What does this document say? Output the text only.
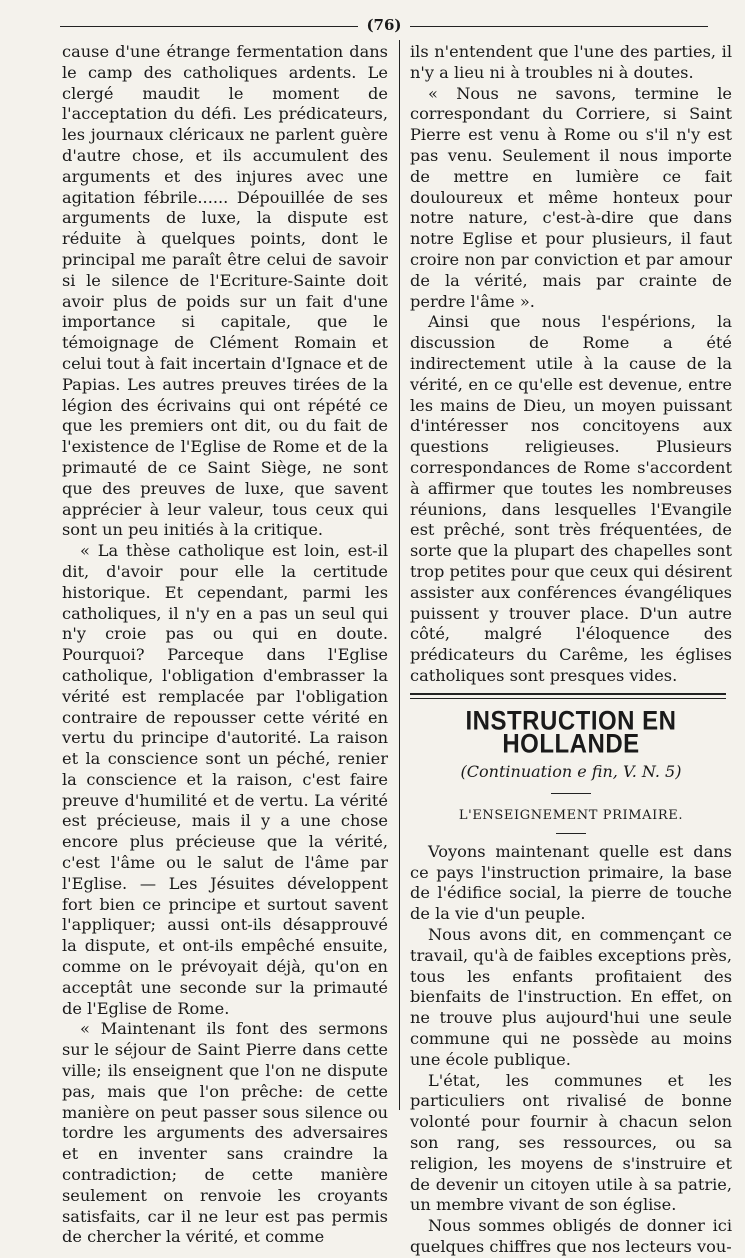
(76)

cause d'une étrange fermentation dans le camp des catholiques ardents. Le clergé maudit le moment de l'acceptation du défi. Les prédicateurs, les journaux cléricaux ne parlent guère d'autre chose, et ils accumulent des arguments et des injures avec une agitation fébrile...... Dépouillée de ses arguments de luxe, la dispute est réduite à quelques points, dont le principal me paraît être celui de savoir si le silence de l'Ecriture-Sainte doit avoir plus de poids sur un fait d'une importance si capitale, que le témoignage de Clément Romain et celui tout à fait incertain d'Ignace et de Papias. Les autres preuves tirées de la légion des écrivains qui ont répété ce que les premiers ont dit, ou du fait de l'existence de l'Eglise de Rome et de la primauté de ce Saint Siège, ne sont que des preuves de luxe, que savent apprécier à leur valeur, tous ceux qui sont un peu initiés à la critique.

« La thèse catholique est loin, est-il dit, d'avoir pour elle la certitude historique. Et cependant, parmi les catholiques, il n'y en a pas un seul qui n'y croie pas ou qui en doute. Pourquoi? Parceque dans l'Eglise catholique, l'obligation d'embrasser la vérité est remplacée par l'obligation contraire de repousser cette vérité en vertu du principe d'autorité. La raison et la conscience sont un péché, renier la conscience et la raison, c'est faire preuve d'humilité et de vertu. La vérité est précieuse, mais il y a une chose encore plus précieuse que la vérité, c'est l'âme ou le salut de l'âme par l'Eglise. — Les Jésuites développent fort bien ce principe et surtout savent l'appliquer; aussi ont-ils désapprouvé la dispute, et ont-ils empêché ensuite, comme on le prévoyait déjà, qu'on en acceptât une seconde sur la primauté de l'Eglise de Rome.

« Maintenant ils font des sermons sur le séjour de Saint Pierre dans cette ville; ils enseignent que l'on ne dispute pas, mais que l'on prêche: de cette manière on peut passer sous silence ou tordre les arguments des adversaires et en inventer sans craindre la contradiction; de cette manière seulement on renvoie les croyants satisfaits, car il ne leur est pas permis de chercher la vérité, et comme

ils n'entendent que l'une des parties, il n'y a lieu ni à troubles ni à doutes.

« Nous ne savons, termine le correspondant du Corriere, si Saint Pierre est venu à Rome ou s'il n'y est pas venu. Seulement il nous importe de mettre en lumière ce fait douloureux et même honteux pour notre nature, c'est-à-dire que dans notre Eglise et pour plusieurs, il faut croire non par conviction et par amour de la vérité, mais par crainte de perdre l'âme ».

Ainsi que nous l'espérions, la discussion de Rome a été indirectement utile à la cause de la vérité, en ce qu'elle est devenue, entre les mains de Dieu, un moyen puissant d'intéresser nos concitoyens aux questions religieuses. Plusieurs correspondances de Rome s'accordent à affirmer que toutes les nombreuses réunions, dans lesquelles l'Evangile est prêché, sont très fréquentées, de sorte que la plupart des chapelles sont trop petites pour que ceux qui désirent assister aux conférences évangéliques puissent y trouver place. D'un autre côté, malgré l'éloquence des prédicateurs du Carême, les églises catholiques sont presques vides.

INSTRUCTION EN HOLLANDE
(Continuation e fin, V. N. 5)
L'ENSEIGNEMENT PRIMAIRE.

Voyons maintenant quelle est dans ce pays l'instruction primaire, la base de l'édifice social, la pierre de touche de la vie d'un peuple.

Nous avons dit, en commençant ce travail, qu'à de faibles exceptions près, tous les enfants profitaient des bienfaits de l'instruction. En effet, on ne trouve plus aujourd'hui une seule commune qui ne possède au moins une école publique.

L'état, les communes et les particuliers ont rivalisé de bonne volonté pour fournir à chacun selon son rang, ses ressources, ou sa religion, les moyens de s'instruire et de devenir un citoyen utile à sa patrie, un membre vivant de son église.

Nous sommes obligés de donner ici quelques chiffres que nos lecteurs vou-
